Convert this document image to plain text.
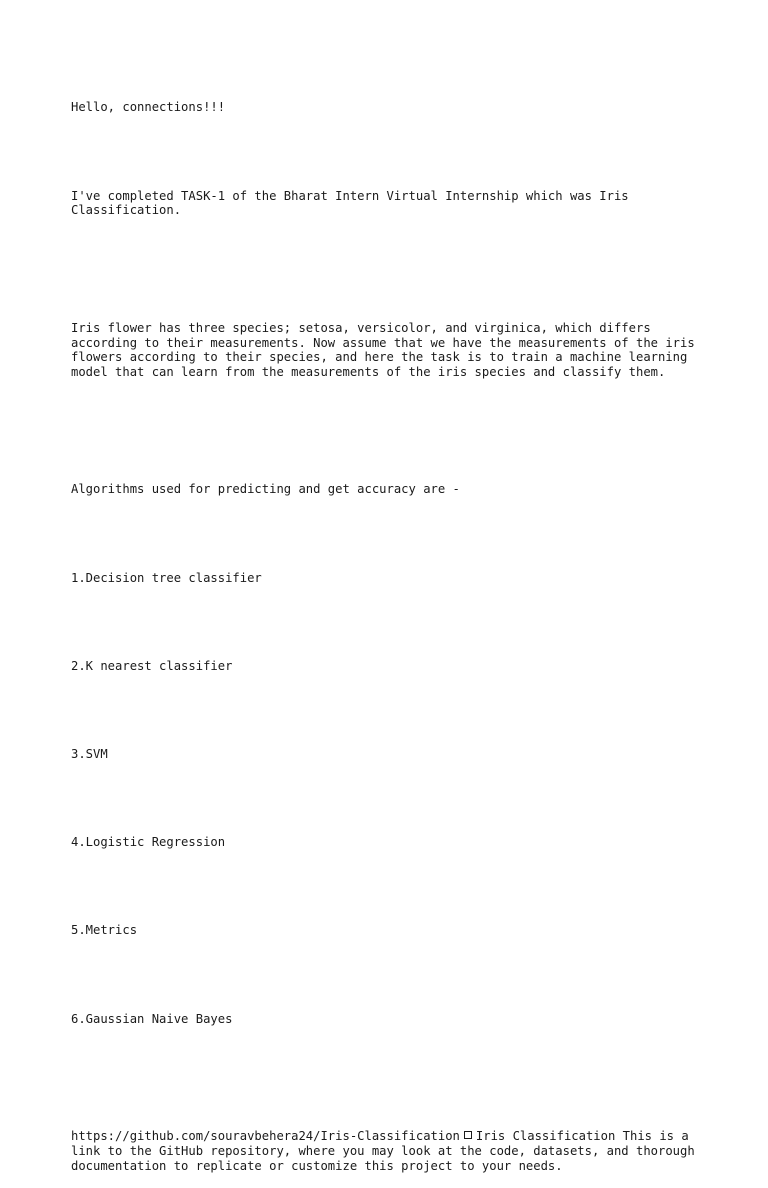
Hello, connections!!!

I've completed TASK-1 of the Bharat Intern Virtual Internship which was Iris Classification.

Iris flower has three species; setosa, versicolor, and virginica, which differs according to their measurements. Now assume that we have the measurements of the iris flowers according to their species, and here the task is to train a machine learning model that can learn from the measurements of the iris species and classify them.

Algorithms used for predicting and get accuracy are -

1.Decision tree classifier

2.K nearest classifier

3.SVM

4.Logistic Regression

5.Metrics

6.Gaussian Naive Bayes

https://github.com/souravbehera24/Iris-Classification Iris Classification This is a link to the GitHub repository, where you may look at the code, datasets, and thorough documentation to replicate or customize this project to your needs.
